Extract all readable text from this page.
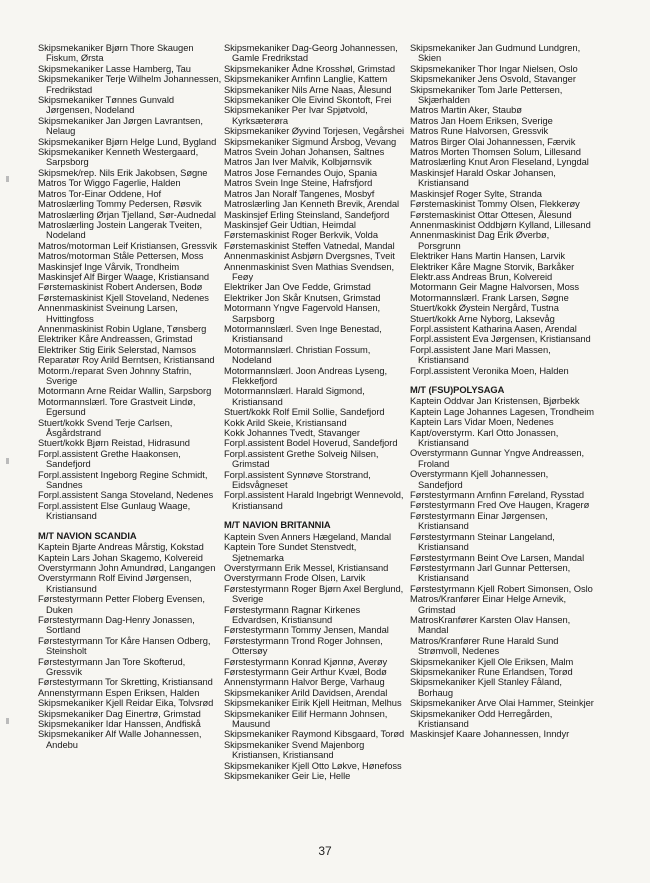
Skipsmekaniker Bjørn Thore Skaugen Fiskum, Ørsta
Skipsmekaniker Lasse Hamberg, Tau
Skipsmekaniker Terje Wilhelm Johannessen, Fredrikstad
Skipsmekaniker Tønnes Gunvald Jørgensen, Nodeland
Skipsmekaniker Jan Jørgen Lavrantsen, Nelaug
Skipsmekaniker Bjørn Helge Lund, Bygland
Skipsmekaniker Kenneth Westergaard, Sarpsborg
Skipsmek/rep. Nils Erik Jakobsen, Søgne
Matros Tor Wiggo Fagerlie, Halden
Matros Tor-Einar Oddene, Hof
Matroslærling Tommy Pedersen, Røsvik
Matroslærling Ørjan Tjelland, Sør-Audnedal
Matroslærling Jostein Langerak Tveiten, Nodeland
Matros/motorman Leif Kristiansen, Gressvik
Matros/motorman Ståle Pettersen, Moss
Maskinsjef Inge Vårvik, Trondheim
Maskinsjef Alf Birger Waage, Kristiansand
Førstemaskinist Robert Andersen, Bodø
Førstemaskinist Kjell Stoveland, Nedenes
Annenmaskinist Sveinung Larsen, Hvittingfoss
Annenmaskinist Robin Uglane, Tønsberg
Elektriker Kåre Andreassen, Grimstad
Elektriker Stig Eirik Selerstad, Namsos
Reparatør Roy Arild Berntsen, Kristiansand
Motorm./reparat Sven Johnny Stafrin, Sverige
Motormann Arne Reidar Wallin, Sarpsborg
Motormannslærl. Tore Grastveit Lindø, Egersund
Stuert/kokk Svend Terje Carlsen, Åsgårdstrand
Stuert/kokk Bjørn Reistad, Hidrasund
Forpl.assistent Grethe Haakonsen, Sandefjord
Forpl.assistent Ingeborg Regine Schmidt, Sandnes
Forpl.assistent Sanga Stoveland, Nedenes
Forpl.assistent Else Gunlaug Waage, Kristiansand
M/T NAVION SCANDIA
Kaptein Bjarte Andreas Mårstig, Kokstad
Kaptein Lars Johan Skagemo, Kolvereid
Overstyrmann John Amundrød, Langangen
Overstyrmann Rolf Eivind Jørgensen, Kristiansund
Førstestyrmann Petter Floberg Evensen, Duken
Førstestyrmann Dag-Henry Jonassen, Sortland
Førstestyrmann Tor Kåre Hansen Odberg, Steinsholt
Førstestyrmann Jan Tore Skofterud, Gressvik
Førstestyrmann Tor Skretting, Kristiansand
Annenstyrmann Espen Eriksen, Halden
Skipsmekaniker Kjell Reidar Eika, Tolvsrød
Skipsmekaniker Dag Einertrø, Grimstad
Skipsmekaniker Idar Hanssen, Andfiskå
Skipsmekaniker Alf Walle Johannessen, Andebu
Skipsmekaniker Dag-Georg Johannessen, Gamle Fredrikstad
Skipsmekaniker Ådne Krosshøl, Grimstad
Skipsmekaniker Arnfinn Langlie, Kattem
Skipsmekaniker Nils Arne Naas, Ålesund
Skipsmekaniker Ole Eivind Skontoft, Frei
Skipsmekaniker Per Ivar Spjøtvold, Kyrksæterøra
Skipsmekaniker Øyvind Torjesen, Vegårshei
Skipsmekaniker Sigmund Årsbog, Vevang
Matros Svein Johan Johansen, Saltnes
Matros Jan Iver Malvik, Kolbjørnsvik
Matros Jose Fernandes Oujo, Spania
Matros Svein Inge Steine, Hafrsfjord
Matros Jan Noralf Tangenes, Mosbyf
Matroslærling Jan Kenneth Brevik, Arendal
Maskinsjef Erling Steinsland, Sandefjord
Maskinsjef Geir Udtian, Heimdal
Førstemaskinist Roger Berkvik, Volda
Førstemaskinist Steffen Vatnedal, Mandal
Annenmaskinist Asbjørn Dvergsnes, Tveit
Annenmaskinist Sven Mathias Svendsen, Feøy
Elektriker Jan Ove Fedde, Grimstad
Elektriker Jon Skår Knutsen, Grimstad
Motormann Yngve Fagervold Hansen, Sarpsborg
Motormannslærl. Sven Inge Benestad, Kristiansand
Motormannslærl. Christian Fossum, Nodeland
Motormannslærl. Joon Andreas Lyseng, Flekkefjord
Motormannslærl. Harald Sigmond, Kristiansand
Stuert/kokk Rolf Emil Sollie, Sandefjord
Kokk Arild Skeie, Kristiansand
Kokk Johannes Tvedt, Stavanger
Forpl.assistent Bodel Hoverud, Sandefjord
Forpl.assistent Grethe Solveig Nilsen, Grimstad
Forpl.assistent Synnøve Storstrand, Eidsvågneset
Forpl.assistent Harald Ingebrigt Wennevold, Kristiansand
M/T NAVION BRITANNIA
Kaptein Sven Anners Hægeland, Mandal
Kaptein Tore Sundet Stenstvedt, Sjetnemarka
Overstyrmann Erik Messel, Kristiansand
Overstyrmann Frode Olsen, Larvik
Førstestyrmann Roger Bjørn Axel Berglund, Sverige
Førstestyrmann Ragnar Kirkenes Edvardsen, Kristiansund
Førstestyrmann Tommy Jensen, Mandal
Førstestyrmann Trond Roger Johnsen, Ottersøy
Førstestyrmann Konrad Kjønnø, Averøy
Førstestyrmann Geir Arthur Kvæl, Bodø
Annenstyrmann Halvor Berge, Varhaug
Skipsmekaniker Arild Davidsen, Arendal
Skipsmekaniker Eirik Kjell Heitman, Melhus
Skipsmekaniker Eilif Hermann Johnsen, Mausund
Skipsmekaniker Raymond Kibsgaard, Torød
Skipsmekaniker Svend Majenborg Kristiansen, Kristiansand
Skipsmekaniker Kjell Otto Løkve, Hønefoss
Skipsmekaniker Geir Lie, Helle
Skipsmekaniker Jan Gudmund Lundgren, Skien
Skipsmekaniker Thor Ingar Nielsen, Oslo
Skipsmekaniker Jens Osvold, Stavanger
Skipsmekaniker Tom Jarle Pettersen, Skjærhalden
Matros Martin Aker, Staubø
Matros Jan Hoem Eriksen, Sverige
Matros Rune Halvorsen, Gressvik
Matros Birger Olai Johannessen, Færvik
Matros Morten Thomsen Solum, Lillesand
Matroslærling Knut Aron Fleseland, Lyngdal
Maskinsjef Harald Oskar Johansen, Kristiansand
Maskinsjef Roger Sylte, Stranda
Førstemaskinist Tommy Olsen, Flekkerøy
Førstemaskinist Ottar Ottesen, Ålesund
Annenmaskinist Oddbjørn Kylland, Lillesand
Annenmaskinist Dag Erik Øverbø, Porsgrunn
Elektriker Hans Martin Hansen, Larvik
Elektriker Kåre Magne Storvik, Barkåker
Elektr.ass Andreas Brun, Kolvereid
Motormann Geir Magne Halvorsen, Moss
Motormannslærl. Frank Larsen, Søgne
Stuert/kokk Øystein Nergård, Tustna
Stuert/kokk Arne Nyborg, Laksevåg
Forpl.assistent Katharina Aasen, Arendal
Forpl.assistent Eva Jørgensen, Kristiansand
Forpl.assistent Jane Mari Massen, Kristiansand
Forpl.assistent Veronika Moen, Halden
M/T (FSU)POLYSAGA
Kaptein Oddvar Jan Kristensen, Bjørbekk
Kaptein Lage Johannes Lagesen, Trondheim
Kaptein Lars Vidar Moen, Nedenes
Kapt/overstyrm. Karl Otto Jonassen, Kristiansand
Overstyrmann Gunnar Yngve Andreassen, Froland
Overstyrmann Kjell Johannessen, Sandefjord
Førstestyrmann Arnfinn Føreland, Rysstad
Førstestyrmann Fred Ove Haugen, Kragerø
Førstestyrmann Einar Jørgensen, Kristiansand
Førstestyrmann Steinar Langeland, Kristiansand
Førstestyrmann Beint Ove Larsen, Mandal
Førstestyrmann Jarl Gunnar Pettersen, Kristiansand
Førstestyrmann Kjell Robert Simonsen, Oslo
Matros/Kranfører Einar Helge Arnevik, Grimstad
MatrosKranfører Karsten Olav Hansen, Mandal
Matros/Kranfører Rune Harald Sund Strømvoll, Nedenes
Skipsmekaniker Kjell Ole Eriksen, Malm
Skipsmekaniker Rune Erlandsen, Torød
Skipsmekaniker Kjell Stanley Fåland, Borhaug
Skipsmekaniker Arve Olai Hammer, Steinkjer
Skipsmekaniker Odd Herregården, Kristiansand
Maskinsjef Kaare Johannessen, Inndyr
37
